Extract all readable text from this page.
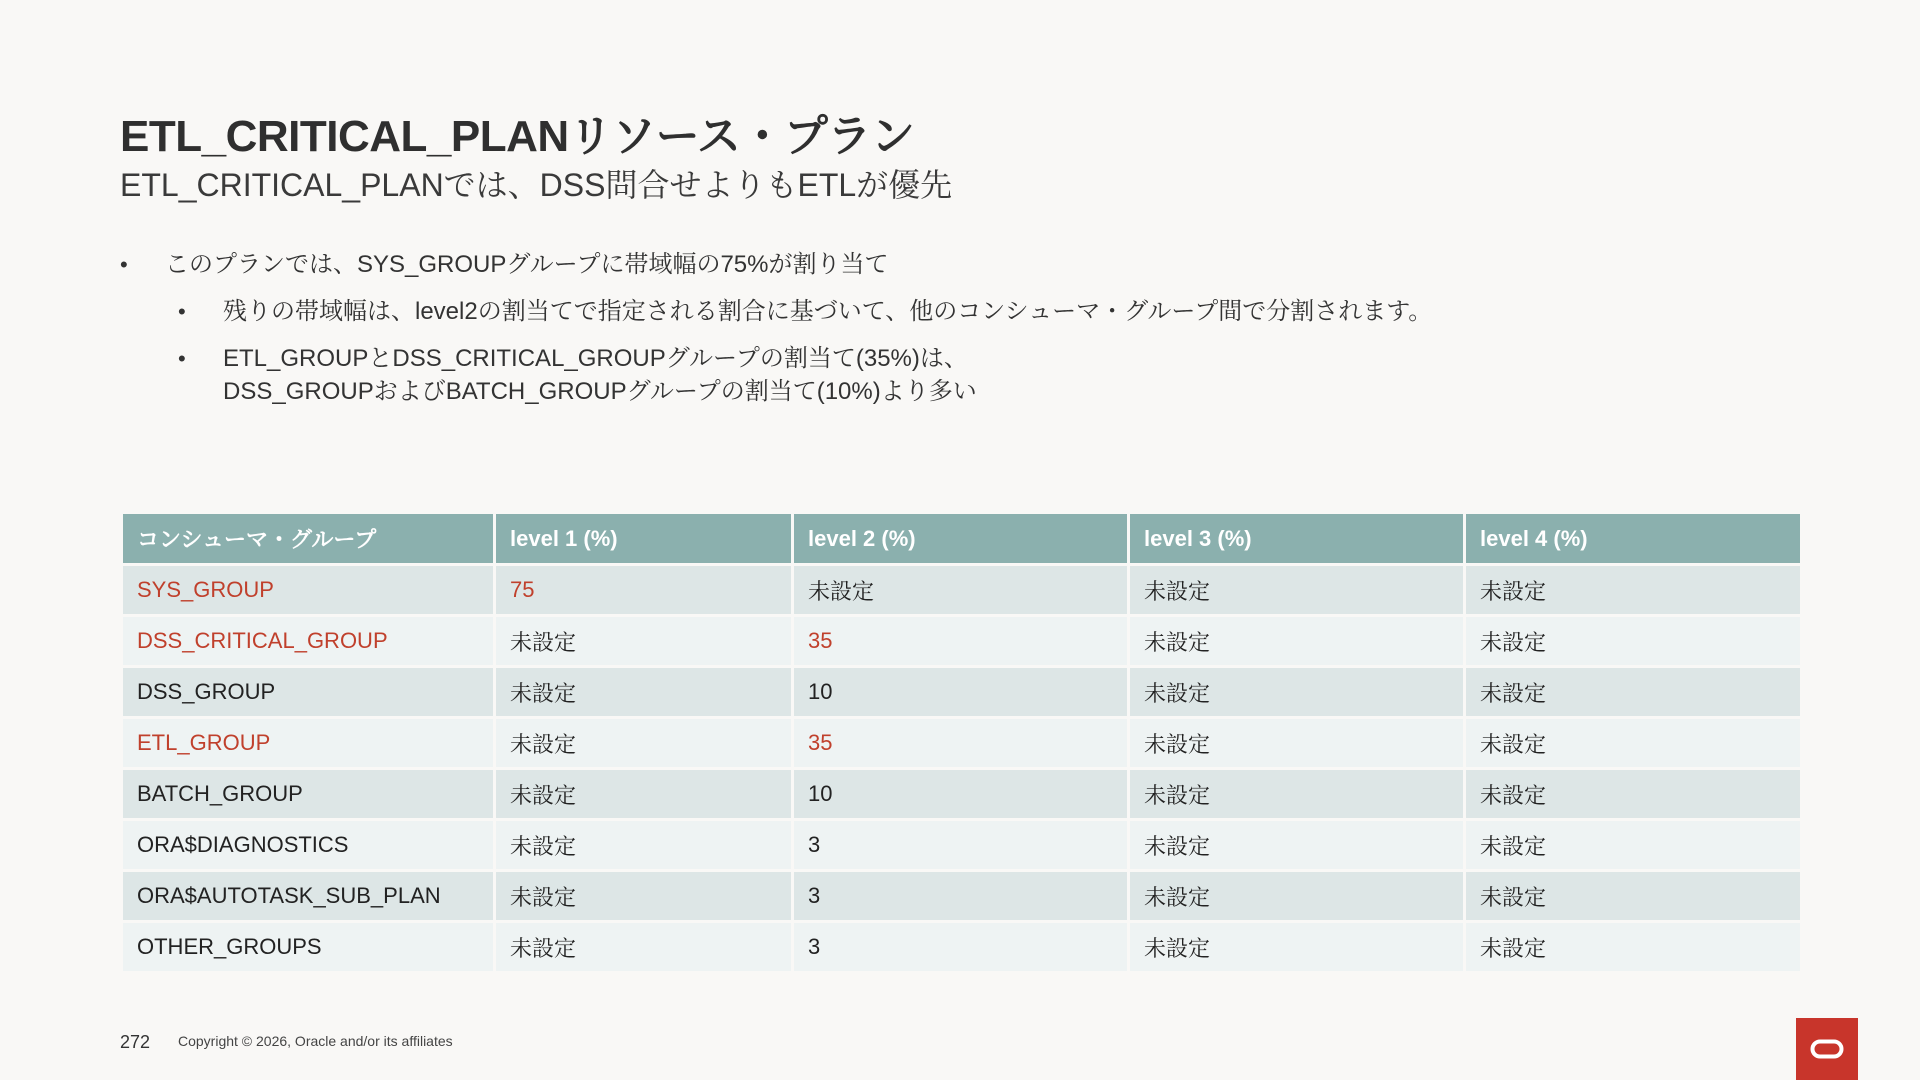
ETL_CRITICAL_PLANリソース・プラン
ETL_CRITICAL_PLANでは、DSS問合せよりもETLが優先
• このプランでは、SYS_GROUPグループに帯域幅の75%が割り当て
• 残りの帯域幅は、level2の割当てで指定される割合に基づいて、他のコンシューマ・グループ間で分割されます。
• ETL_GROUPとDSS_CRITICAL_GROUPグループの割当て(35%)は、
DSS_GROUPおよびBATCH_GROUPグループの割当て(10%)より多い
コンシューマ・グループ	level 1 (%)	level 2 (%)	level 3 (%)	level 4 (%)
SYS_GROUP	75	未設定	未設定	未設定
DSS_CRITICAL_GROUP	未設定	35	未設定	未設定
DSS_GROUP	未設定	10	未設定	未設定
ETL_GROUP	未設定	35	未設定	未設定
BATCH_GROUP	未設定	10	未設定	未設定
ORA$DIAGNOSTICS	未設定	3	未設定	未設定
ORA$AUTOTASK_SUB_PLAN	未設定	3	未設定	未設定
OTHER_GROUPS	未設定	3	未設定	未設定
272 Copyright © 2026, Oracle and/or its affiliates
